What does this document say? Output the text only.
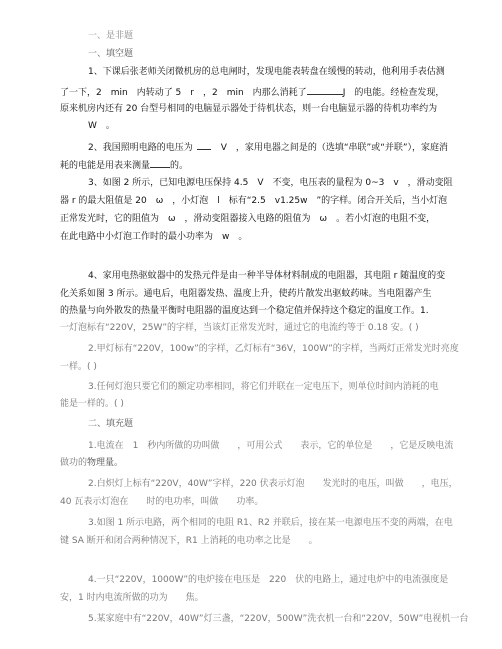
一、是非题
一、填空题
1、下课后张老师关闭微机房的总电闸时，发现电能表转盘在缓慢的转动，他利用手表估测
了一下，2　min　内转动了 5　r　，2　min　内那么消耗了	J　的电能。经检查发现，
原来机房内还有 20 台型号相同的电脑显示器处于待机状态，则一台电脑显示器的待机功率约为
W　。
2、我国照明电路的电压为	V　，家用电器之间是的（选填“串联”或“并联”），家庭消
耗的电能是用表来测量 的。
3、如图 2 所示，已知电源电压保持 4.5　V　不变，电压表的量程为 0~3　v　，滑动变阻
器 r 的最大阻值是 20　ω　，小灯泡　l　标有“2.5　v1.25w　”的字样。闭合开关后，当小灯泡
正常发光时，它的阻值为　ω　，滑动变阻器接入电路的阻值为　ω　。若小灯泡的电阻不变，
在此电路中小灯泡工作时的最小功率为　w　。
4、家用电热驱蚊器中的发热元件是由一种半导体材料制成的电阻器，其电阻 r 随温度的变
化关系如图 3 所示。通电后，电阻器发热、温度上升，使药片散发出驱蚊药味。当电阻器产生
的热量与向外散发的热量平衡时电阻器的温度达到一个稳定值并保持这个稳定的温度工作。1.
一灯泡标有“220V，25W”的字样，当该灯正常发光时，通过它的电流约等于 0.18 安。( )
2.甲灯标有“220V，100w”的字样，乙灯标有“36V，100W”的字样，当两灯正常发光时亮度
一样。( )
3.任何灯泡只要它们的额定功率相同，将它们并联在一定电压下，则单位时间内消耗的电
能是一样的。( )
二、填充题
1.电流在　1　秒内所做的功叫做　　，可用公式　　表示，它的单位是　　，它是反映电流
做功的物理量。
2.白炽灯上标有“220V，40W”字样，220 伏表示灯泡　　发光时的电压，叫做　　，电压，
40 瓦表示灯泡在　　时的电功率，叫做　　功率。
3.如图 1 所示电路，两个相同的电阻 R1、R2 并联后，接在某一电源电压不变的两端，在电
键 SA 断开和闭合两种情况下，R1 上消耗的电功率之比是　　。
4.一只“220V，1000W”的电炉接在电压是　220　伏的电路上，通过电炉中的电流强度是
安，1 时内电流所做的功为　　焦。
5.某家庭中有“220V，40W”灯三盏，“220V，500W”洗衣机一台和“220V，50W”电视机一台
